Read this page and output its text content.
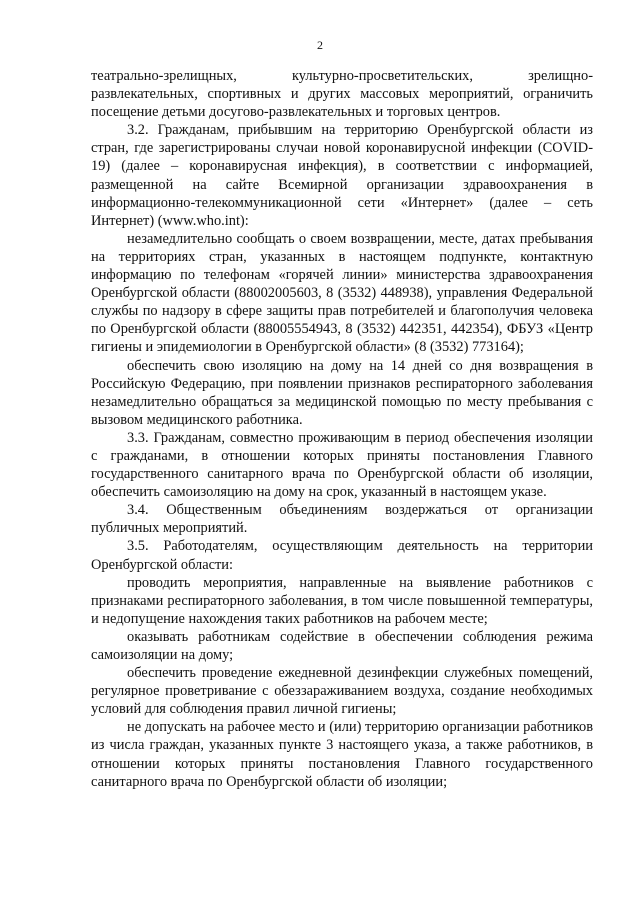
2

театрально-зрелищных, культурно-просветительских, зрелищно-развлекательных, спортивных и других массовых мероприятий, ограничить посещение детьми досугово-развлекательных и торговых центров.

3.2. Гражданам, прибывшим на территорию Оренбургской области из стран, где зарегистрированы случаи новой коронавирусной инфекции (COVID-19) (далее – коронавирусная инфекция), в соответствии с информацией, размещенной на сайте Всемирной организации здравоохранения в информационно-телекоммуникационной сети «Интернет» (далее – сеть Интернет) (www.who.int):

незамедлительно сообщать о своем возвращении, месте, датах пребывания на территориях стран, указанных в настоящем подпункте, контактную информацию по телефонам «горячей линии» министерства здравоохранения Оренбургской области (88002005603, 8 (3532) 448938), управления Федеральной службы по надзору в сфере защиты прав потребителей и благополучия человека по Оренбургской области (88005554943, 8 (3532) 442351, 442354), ФБУЗ «Центр гигиены и эпидемиологии в Оренбургской области» (8 (3532) 773164);

обеспечить свою изоляцию на дому на 14 дней со дня возвращения в Российскую Федерацию, при появлении признаков респираторного заболевания незамедлительно обращаться за медицинской помощью по месту пребывания с вызовом медицинского работника.

3.3. Гражданам, совместно проживающим в период обеспечения изоляции с гражданами, в отношении которых приняты постановления Главного государственного санитарного врача по Оренбургской области об изоляции, обеспечить самоизоляцию на дому на срок, указанный в настоящем указе.

3.4. Общественным объединениям воздержаться от организации публичных мероприятий.

3.5. Работодателям, осуществляющим деятельность на территории Оренбургской области:

проводить мероприятия, направленные на выявление работников с признаками респираторного заболевания, в том числе повышенной температуры, и недопущение нахождения таких работников на рабочем месте;

оказывать работникам содействие в обеспечении соблюдения режима самоизоляции на дому;

обеспечить проведение ежедневной дезинфекции служебных помещений, регулярное проветривание с обеззараживанием воздуха, создание необходимых условий для соблюдения правил личной гигиены;

не допускать на рабочее место и (или) территорию организации работников из числа граждан, указанных пункте 3 настоящего указа, а также работников, в отношении которых приняты постановления Главного государственного санитарного врача по Оренбургской области об изоляции;
